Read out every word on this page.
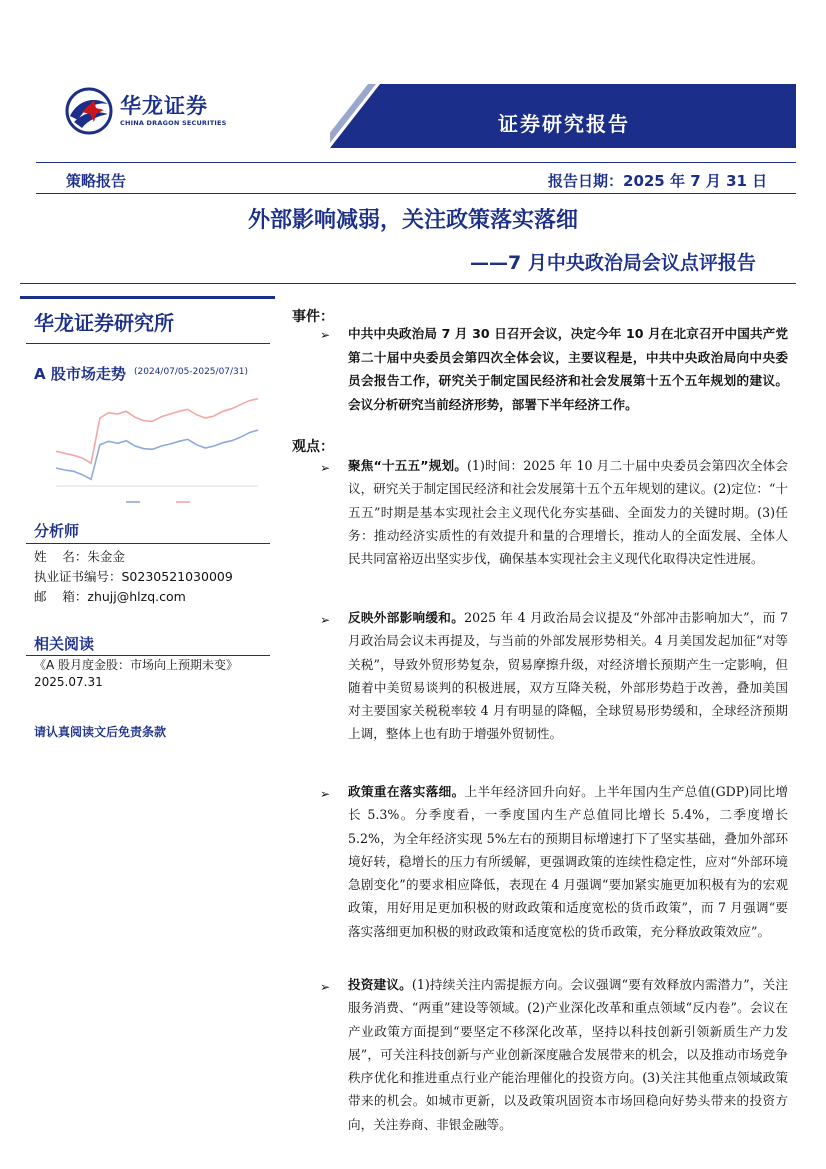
华龙证券
CHINA DRAGON SECURITIES	证券研究报告
策略报告	报告日期：2025 年 7 月 31 日
外部影响减弱，关注政策落实落细
——7 月中央政治局会议点评报告
华龙证券研究所
A 股市场走势 (2024/07/05-2025/07/31)
分析师
姓    名：朱金金
执业证书编号：S0230521030009
邮    箱：zhujj@hlzq.com
相关阅读
《A 股月度金股：市场向上预期未变》
2025.07.31
请认真阅读文后免责条款
事件：
➢ 中共中央政治局 7 月 30 日召开会议，决定今年 10 月在北京召开中国共产党第二十届中央委员会第四次全体会议，主要议程是，中共中央政治局向中央委员会报告工作，研究关于制定国民经济和社会发展第十五个五年规划的建议。会议分析研究当前经济形势，部署下半年经济工作。

观点：
➢ 聚焦“十五五”规划。(1)时间：2025 年 10 月二十届中央委员会第四次全体会议，研究关于制定国民经济和社会发展第十五个五年规划的建议。(2)定位：“十五五”时期是基本实现社会主义现代化夯实基础、全面发力的关键时期。(3)任务：推动经济实质性的有效提升和量的合理增长，推动人的全面发展、全体人民共同富裕迈出坚实步伐，确保基本实现社会主义现代化取得决定性进展。

➢ 反映外部影响缓和。2025 年 4 月政治局会议提及“外部冲击影响加大”，而 7 月政治局会议未再提及，与当前的外部发展形势相关。4 月美国发起加征“对等关税”，导致外贸形势复杂，贸易摩擦升级，对经济增长预期产生一定影响，但随着中美贸易谈判的积极进展，双方互降关税，外部形势趋于改善，叠加美国对主要国家关税税率较 4 月有明显的降幅，全球贸易形势缓和，全球经济预期上调，整体上也有助于增强外贸韧性。

➢ 政策重在落实落细。上半年经济回升向好。上半年国内生产总值(GDP)同比增长 5.3%。分季度看，一季度国内生产总值同比增长 5.4%，二季度增长 5.2%，为全年经济实现 5%左右的预期目标增速打下了坚实基础，叠加外部环境好转，稳增长的压力有所缓解，更强调政策的连续性稳定性，应对“外部环境急剧变化”的要求相应降低，表现在 4 月强调“要加紧实施更加积极有为的宏观政策，用好用足更加积极的财政政策和适度宽松的货币政策”，而 7 月强调“要落实落细更加积极的财政政策和适度宽松的货币政策，充分释放政策效应”。

➢ 投资建议。(1)持续关注内需提振方向。会议强调“要有效释放内需潜力”，关注服务消费、“两重”建设等领域。(2)产业深化改革和重点领域“反内卷”。会议在产业政策方面提到“要坚定不移深化改革，坚持以科技创新引领新质生产力发展”，可关注科技创新与产业创新深度融合发展带来的机会，以及推动市场竞争秩序优化和推进重点行业产能治理催化的投资方向。(3)关注其他重点领域政策带来的机会。如城市更新，以及政策巩固资本市场回稳向好势头带来的投资方向，关注券商、非银金融等。
